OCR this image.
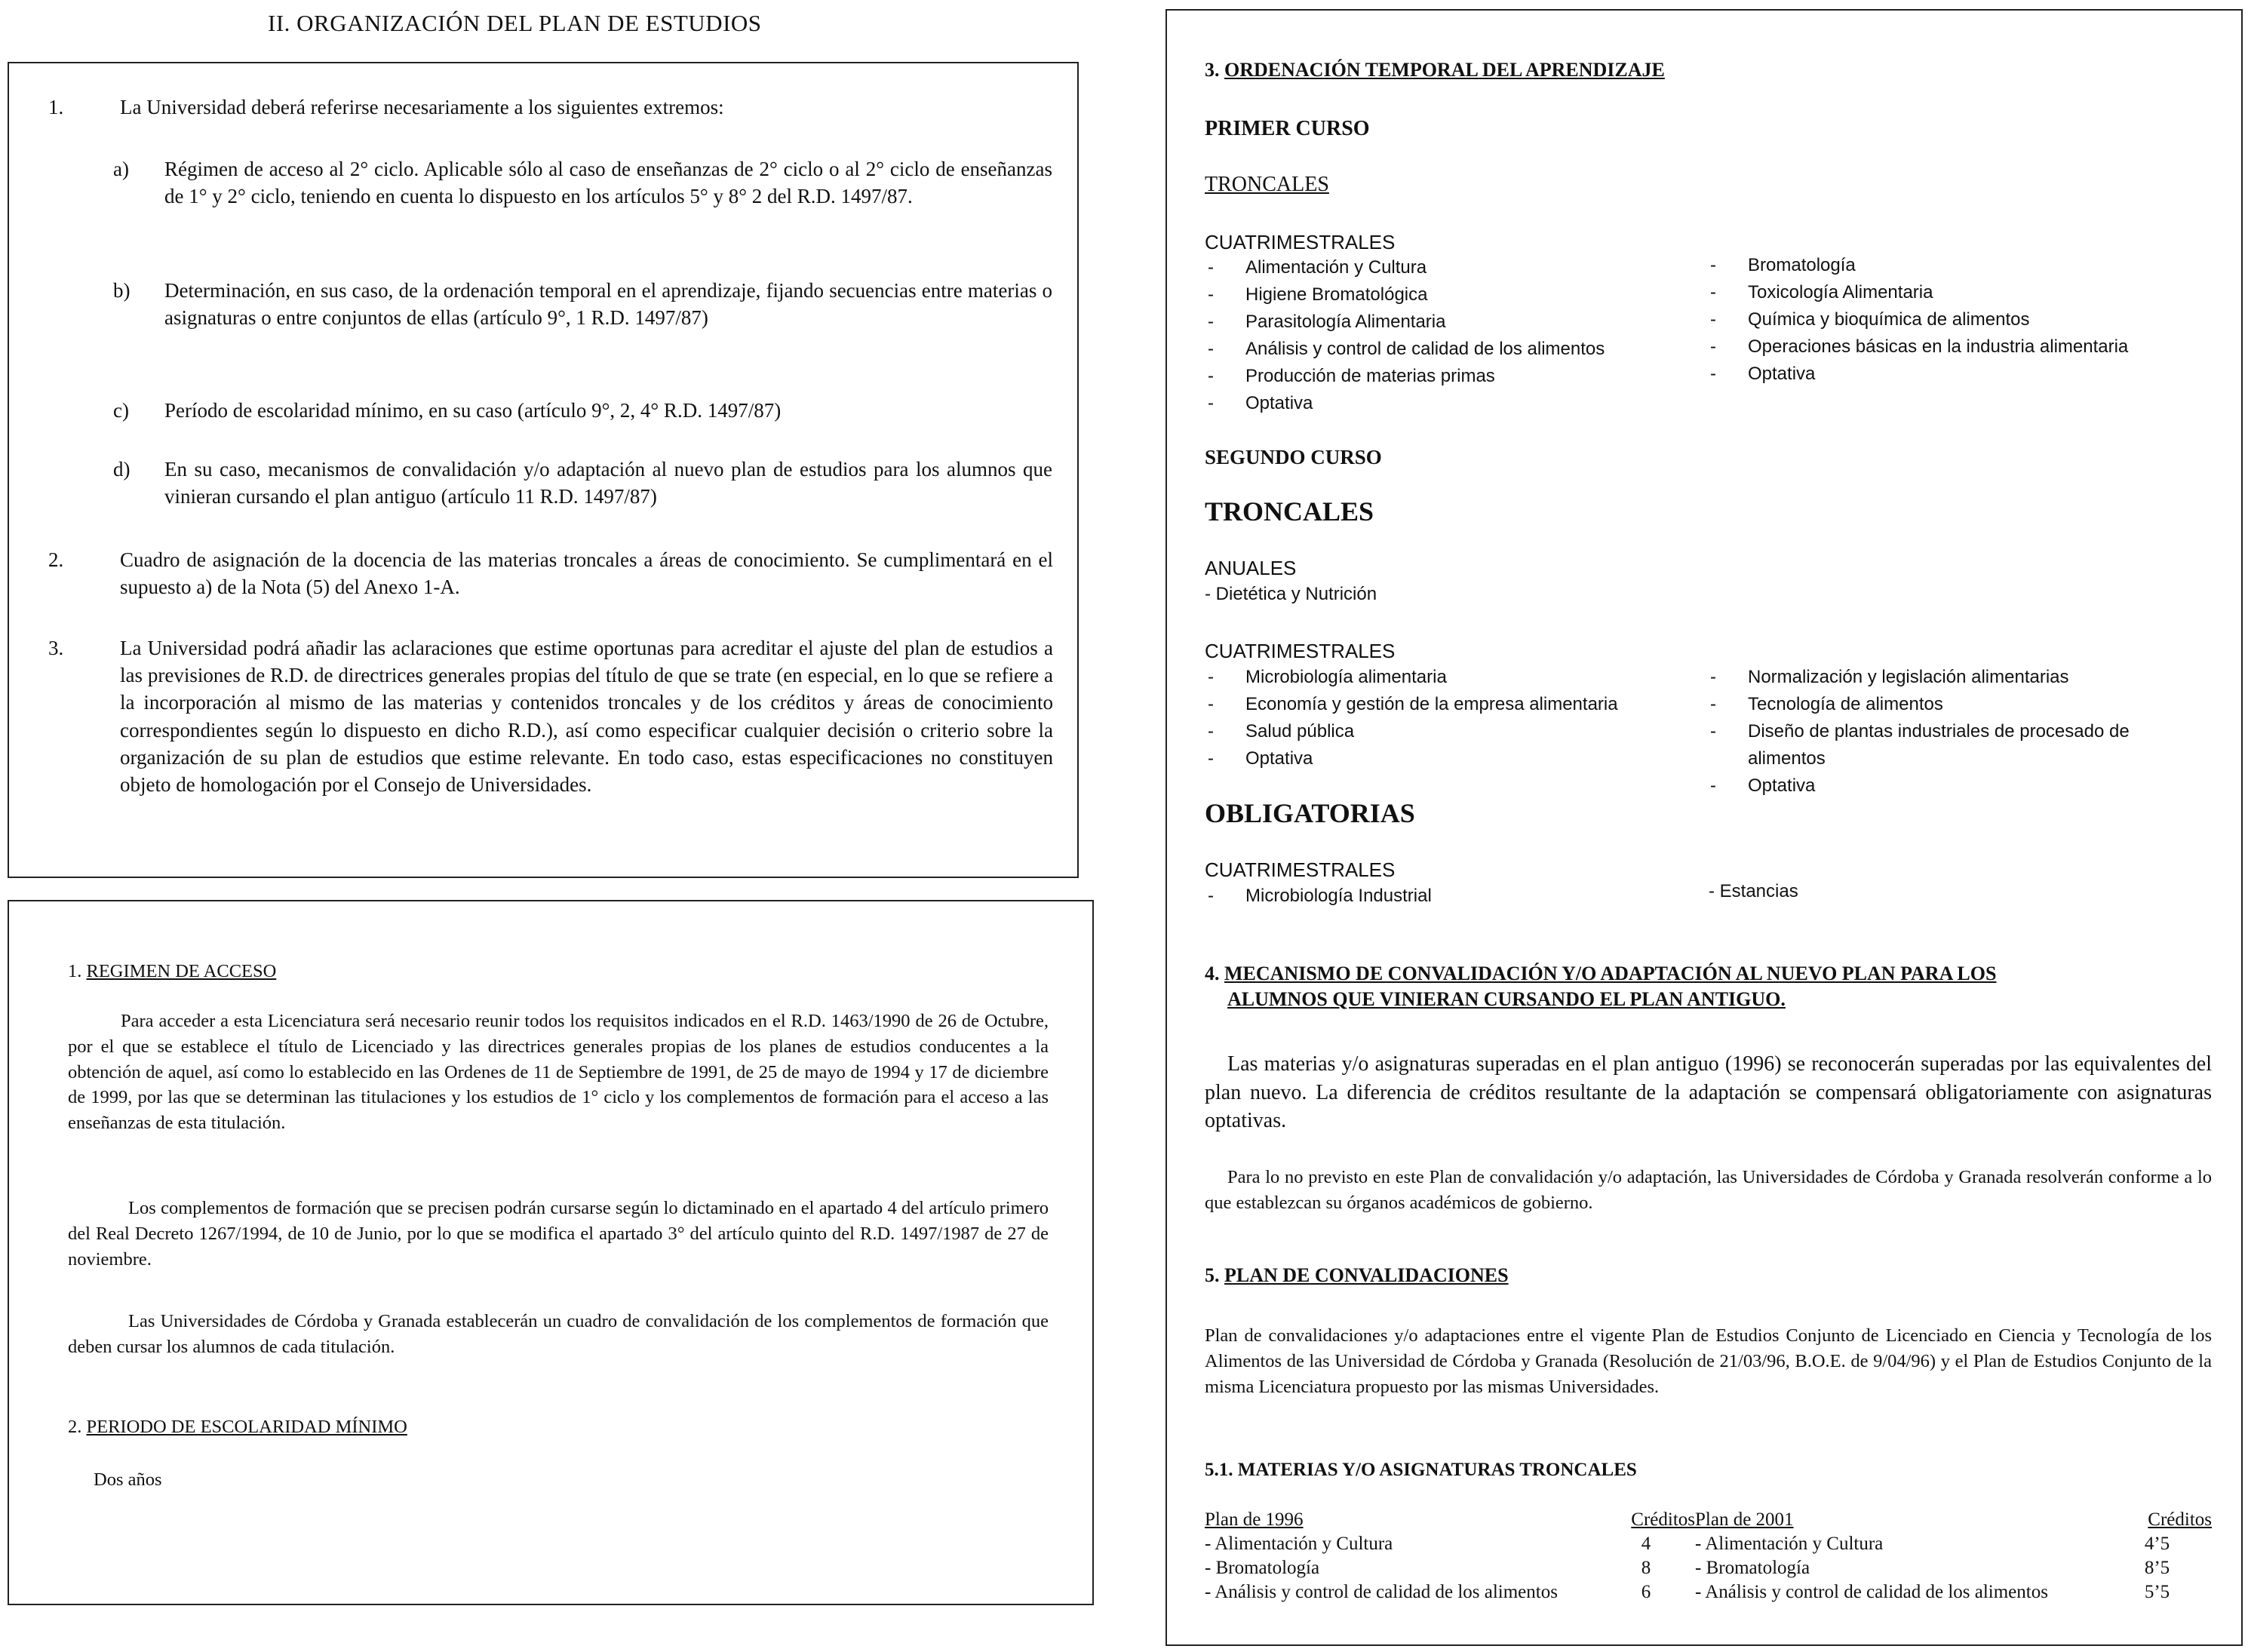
II. ORGANIZACIÓN DEL PLAN DE ESTUDIOS
1.	La Universidad deberá referirse necesariamente a los siguientes extremos:
a) Régimen de acceso al 2° ciclo. Aplicable sólo al caso de enseñanzas de 2° ciclo o al 2° ciclo de enseñanzas de 1° y 2° ciclo, teniendo en cuenta lo dispuesto en los artículos 5° y 8° 2 del R.D. 1497/87.
b) Determinación, en sus caso, de la ordenación temporal en el aprendizaje, fijando secuencias entre materias o asignaturas o entre conjuntos de ellas (artículo 9°, 1 R.D. 1497/87)
c) Período de escolaridad mínimo, en su caso (artículo 9°, 2, 4° R.D. 1497/87)
d) En su caso, mecanismos de convalidación y/o adaptación al nuevo plan de estudios para los alumnos que vinieran cursando el plan antiguo (artículo 11 R.D. 1497/87)
2.	Cuadro de asignación de la docencia de las materias troncales a áreas de conocimiento. Se cumplimentará en el supuesto a) de la Nota (5) del Anexo 1-A.
3.	La Universidad podrá añadir las aclaraciones que estime oportunas para acreditar el ajuste del plan de estudios a las previsiones de R.D. de directrices generales propias del título de que se trate (en especial, en lo que se refiere a la incorporación al mismo de las materias y contenidos troncales y de los créditos y áreas de conocimiento correspondientes según lo dispuesto en dicho R.D.), así como especificar cualquier decisión o criterio sobre la organización de su plan de estudios que estime relevante. En todo caso, estas especificaciones no constituyen objeto de homologación por el Consejo de Universidades.
1. REGIMEN DE ACCESO
Para acceder a esta Licenciatura será necesario reunir todos los requisitos indicados en el R.D. 1463/1990 de 26 de Octubre, por el que se establece el título de Licenciado y las directrices generales propias de los planes de estudios conducentes a la obtención de aquel, así como lo establecido en las Ordenes de 11 de Septiembre de 1991, de 25 de mayo de 1994 y 17 de diciembre de 1999, por las que se determinan las titulaciones y los estudios de 1° ciclo y los complementos de formación para el acceso a las enseñanzas de esta titulación.
Los complementos de formación que se precisen podrán cursarse según lo dictaminado en el apartado 4 del artículo primero del Real Decreto 1267/1994, de 10 de Junio, por lo que se modifica el apartado 3° del artículo quinto del R.D. 1497/1987 de 27 de noviembre.
Las Universidades de Córdoba y Granada establecerán un cuadro de convalidación de los complementos de formación que deben cursar los alumnos de cada titulación.
2. PERIODO DE ESCOLARIDAD MÍNIMO
Dos años
3. ORDENACIÓN TEMPORAL DEL APRENDIZAJE
PRIMER CURSO
TRONCALES
CUATRIMESTRALES
- Alimentación y Cultura
- Higiene Bromatológica
- Parasitología Alimentaria
- Análisis y control de calidad de los alimentos
- Producción de materias primas
- Optativa
- Bromatología
- Toxicología Alimentaria
- Química y bioquímica de alimentos
- Operaciones básicas en la industria alimentaria
- Optativa
SEGUNDO CURSO
TRONCALES
ANUALES
- Dietética y Nutrición
CUATRIMESTRALES
- Microbiología alimentaria
- Economía y gestión de la empresa alimentaria
- Salud pública
- Optativa
- Normalización y legislación alimentarias
- Tecnología de alimentos
- Diseño de plantas industriales de procesado de alimentos
- Optativa
OBLIGATORIAS
CUATRIMESTRALES
- Microbiología Industrial	- Estancias
4. MECANISMO DE CONVALIDACIÓN Y/O ADAPTACIÓN AL NUEVO PLAN PARA LOS
ALUMNOS QUE VINIERAN CURSANDO EL PLAN ANTIGUO.
Las materias y/o asignaturas superadas en el plan antiguo (1996) se reconocerán superadas por las equivalentes del plan nuevo. La diferencia de créditos resultante de la adaptación se compensará obligatoriamente con asignaturas optativas.
Para lo no previsto en este Plan de convalidación y/o adaptación, las Universidades de Córdoba y Granada resolverán conforme a lo que establezcan su órganos académicos de gobierno.
5. PLAN DE CONVALIDACIONES
Plan de convalidaciones y/o adaptaciones entre el vigente Plan de Estudios Conjunto de Licenciado en Ciencia y Tecnología de los Alimentos de las Universidad de Córdoba y Granada (Resolución de 21/03/96, B.O.E. de 9/04/96) y el Plan de Estudios Conjunto de la misma Licenciatura propuesto por las mismas Universidades.
5.1. MATERIAS Y/O ASIGNATURAS TRONCALES
Plan de 1996	Créditos	Plan de 2001	Créditos
- Alimentación y Cultura	4	- Alimentación y Cultura	4’5
- Bromatología	8	- Bromatología	8’5
- Análisis y control de calidad de los alimentos	6	- Análisis y control de calidad de los alimentos	5’5
